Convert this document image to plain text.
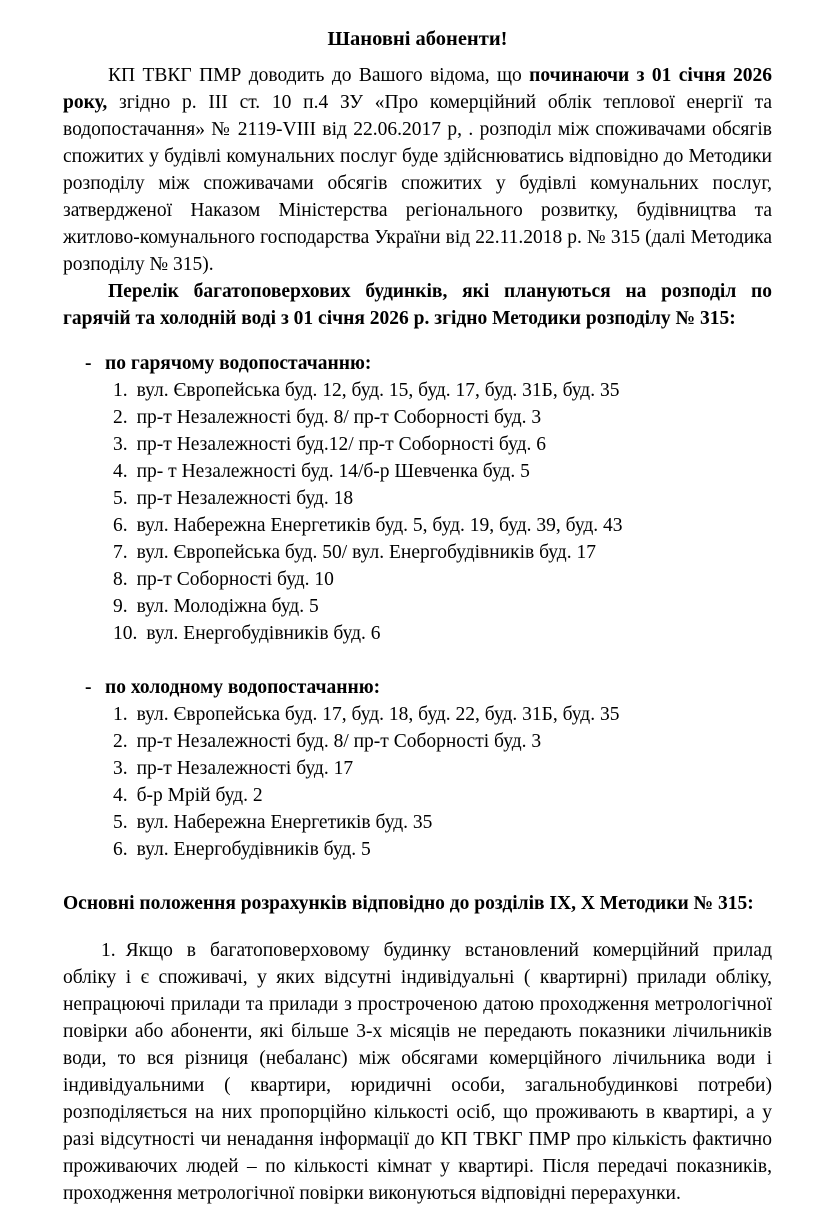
Шановні абоненти!

КП ТВКГ ПМР доводить до Вашого відома, що починаючи з 01 січня 2026 року, згідно р. III ст. 10 п.4 ЗУ «Про комерційний облік теплової енергії та водопостачання» № 2119-VIII від 22.06.2017 р, . розподіл між споживачами обсягів спожитих у будівлі комунальних послуг буде здійснюватись відповідно до Методики розподілу між споживачами обсягів спожитих у будівлі комунальних послуг, затвердженої Наказом Міністерства регіонального розвитку, будівництва та житлово-комунального господарства України від 22.11.2018 р. № 315 (далі Методика розподілу № 315).

Перелік багатоповерхових будинків, які плануються на розподіл по гарячій та холодній воді з 01 січня 2026 р. згідно Методики розподілу № 315:

- по гарячому водопостачанню:
1. вул. Європейська буд. 12, буд. 15, буд. 17, буд. 31Б, буд. 35
2. пр-т Незалежності буд. 8/ пр-т Соборності буд. 3
3. пр-т Незалежності буд.12/ пр-т Соборності буд. 6
4. пр- т Незалежності буд. 14/б-р Шевченка буд. 5
5. пр-т Незалежності буд. 18
6. вул. Набережна Енергетиків буд. 5, буд. 19, буд. 39, буд. 43
7. вул. Європейська буд. 50/ вул. Енергобудівників буд. 17
8. пр-т Соборності буд. 10
9. вул. Молодіжна буд. 5
10. вул. Енергобудівників буд. 6
- по холодному водопостачанню:
1. вул. Європейська буд. 17, буд. 18, буд. 22, буд. 31Б, буд. 35
2. пр-т Незалежності буд. 8/ пр-т Соборності буд. 3
3. пр-т Незалежності буд. 17
4. б-р Мрій буд. 2
5. вул. Набережна Енергетиків буд. 35
6. вул. Енергобудівників буд. 5

Основні положення розрахунків відповідно до розділів IX, X Методики № 315:

1. Якщо в багатоповерховому будинку встановлений комерційний прилад обліку і є споживачі, у яких відсутні індивідуальні ( квартирні) прилади обліку, непрацюючі прилади та прилади з простроченою датою проходження метрологічної повірки або абоненти, які більше 3-х місяців не передають показники лічильників води, то вся різниця (небаланс) між обсягами комерційного лічильника води і індивідуальними ( квартири, юридичні особи, загальнобудинкові потреби) розподіляється на них пропорційно кількості осіб, що проживають в квартирі, а у разі відсутності чи ненадання інформації до КП ТВКГ ПМР про кількість фактично проживаючих людей – по кількості кімнат у квартирі. Після передачі показників, проходження метрологічної повірки виконуються відповідні перерахунки.
